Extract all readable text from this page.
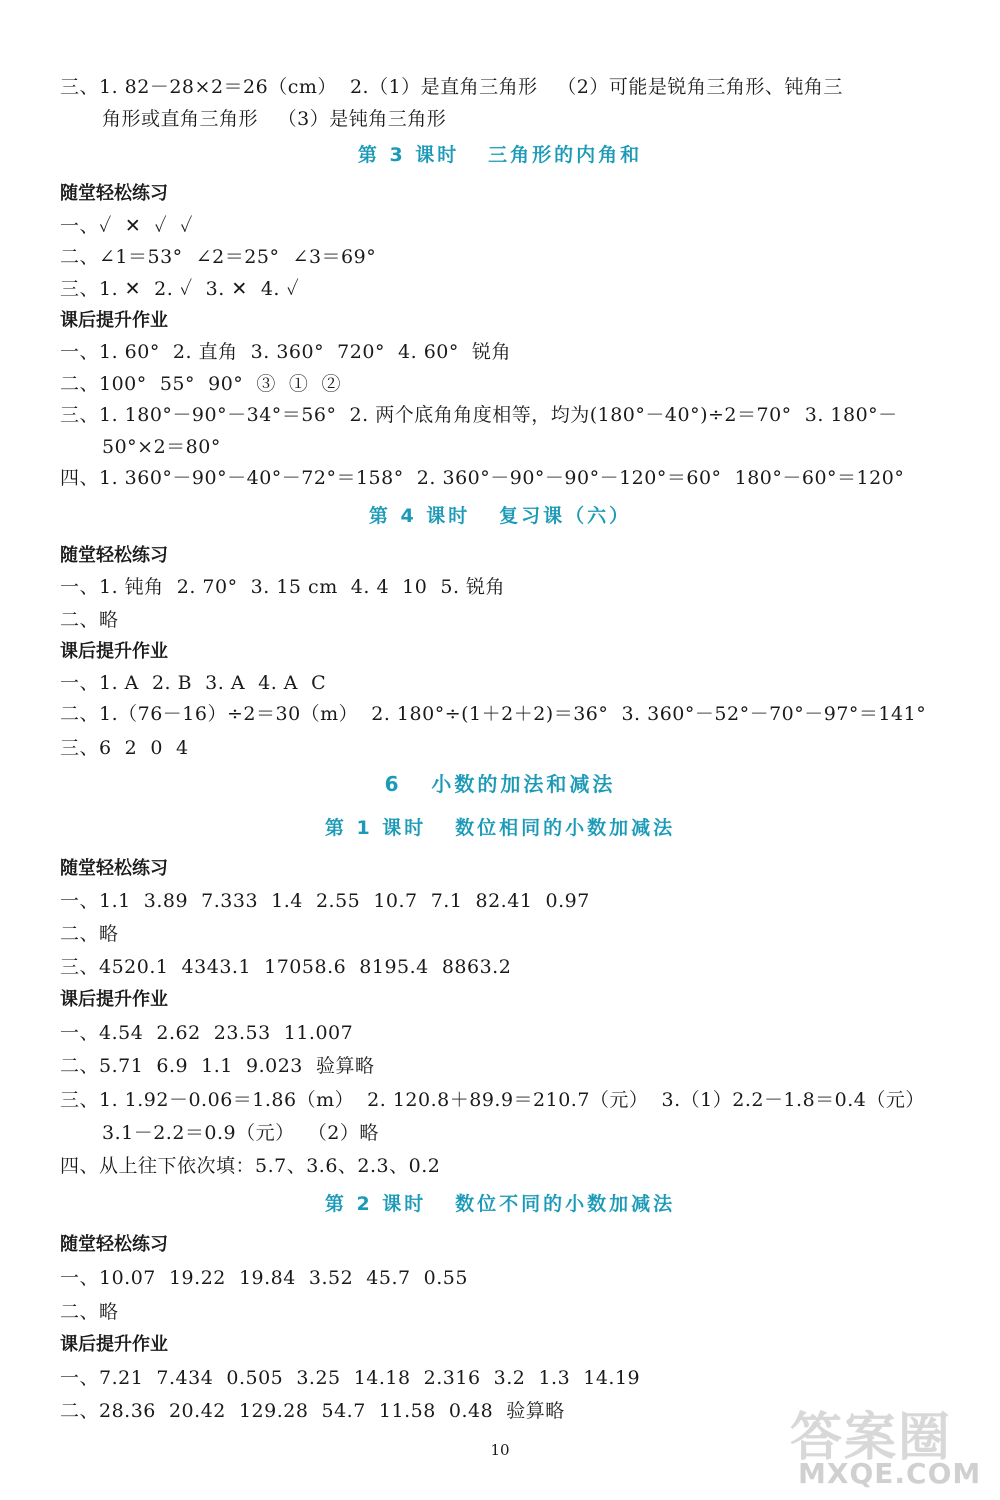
三、1. 82－28×2＝26（cm）  2.（1）是直角三角形   （2）可能是锐角三角形、钝角三
角形或直角三角形   （3）是钝角三角形
第 3 课时   三角形的内角和
随堂轻松练习
一、✓  ✕  ✓  ✓
二、∠1＝53°  ∠2＝25°  ∠3＝69°
三、1. ✕  2. ✓  3. ✕  4. ✓
课后提升作业
一、1. 60°  2. 直角  3. 360°  720°  4. 60°  锐角
二、100°  55°  90°  ③  ①  ②
三、1. 180°－90°－34°＝56°  2. 两个底角角度相等，均为(180°－40°)÷2＝70°  3. 180°－
50°×2＝80°
四、1. 360°－90°－40°－72°＝158°  2. 360°－90°－90°－120°＝60°  180°－60°＝120°
第 4 课时   复习课（六）
随堂轻松练习
一、1. 钝角  2. 70°  3. 15 cm  4. 4  10  5. 锐角
二、略
课后提升作业
一、1. A  2. B  3. A  4. A  C
二、1.（76－16）÷2＝30（m）  2. 180°÷(1＋2＋2)＝36°  3. 360°－52°－70°－97°＝141°
三、6  2  0  4
6   小数的加法和减法
第 1 课时   数位相同的小数加减法
随堂轻松练习
一、1.1  3.89  7.333  1.4  2.55  10.7  7.1  82.41  0.97
二、略
三、4520.1  4343.1  17058.6  8195.4  8863.2
课后提升作业
一、4.54  2.62  23.53  11.007
二、5.71  6.9  1.1  9.023  验算略
三、1. 1.92－0.06＝1.86（m）  2. 120.8＋89.9＝210.7（元）  3.（1）2.2－1.8＝0.4（元）
3.1－2.2＝0.9（元）  （2）略
四、从上往下依次填：5.7、3.6、2.3、0.2
第 2 课时   数位不同的小数加减法
随堂轻松练习
一、10.07  19.22  19.84  3.52  45.7  0.55
二、略
课后提升作业
一、7.21  7.434  0.505  3.25  14.18  2.316  3.2  1.3  14.19
二、28.36  20.42  129.28  54.7  11.58  0.48  验算略
10	答案圈
MXQE.COM
